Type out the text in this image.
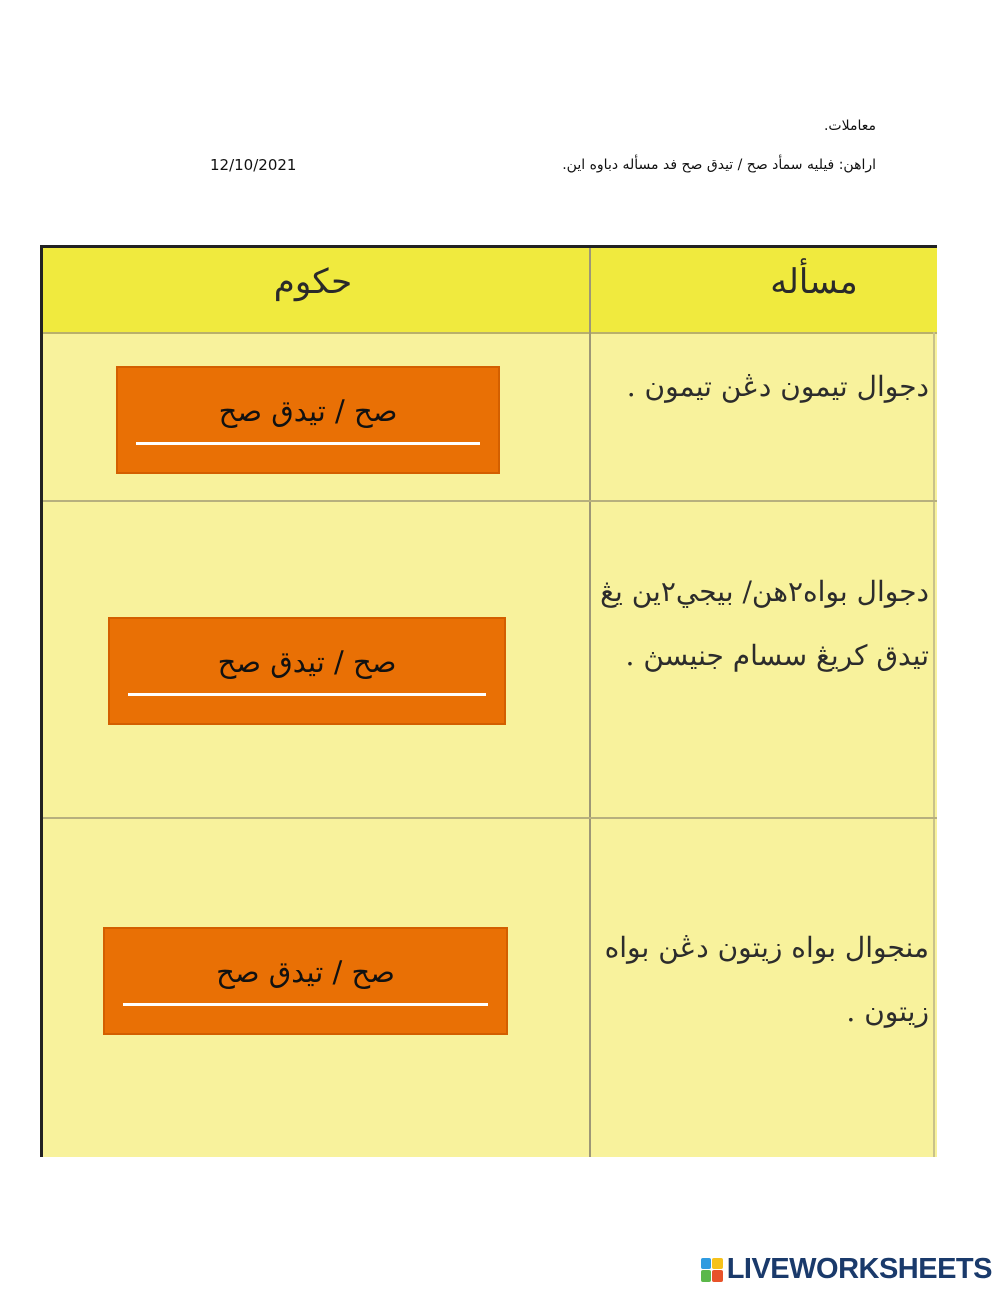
معاملات.
اراهن: فيليه سمأد صح / تيدق صح فد مسأله دباوه اين.
12/10/2021
حکوم	مسأله
دجوال تيمون دڠن تيمون .
صح / تيدق صح
دجوال بواه٢هن/ بيجي٢ين يڠ تيدق کريڠ سسام جنيسڽ .
صح / تيدق صح
منجوال بواه زيتون دڠن بواه زيتون .
صح / تيدق صح
LIVEWORKSHEETS
